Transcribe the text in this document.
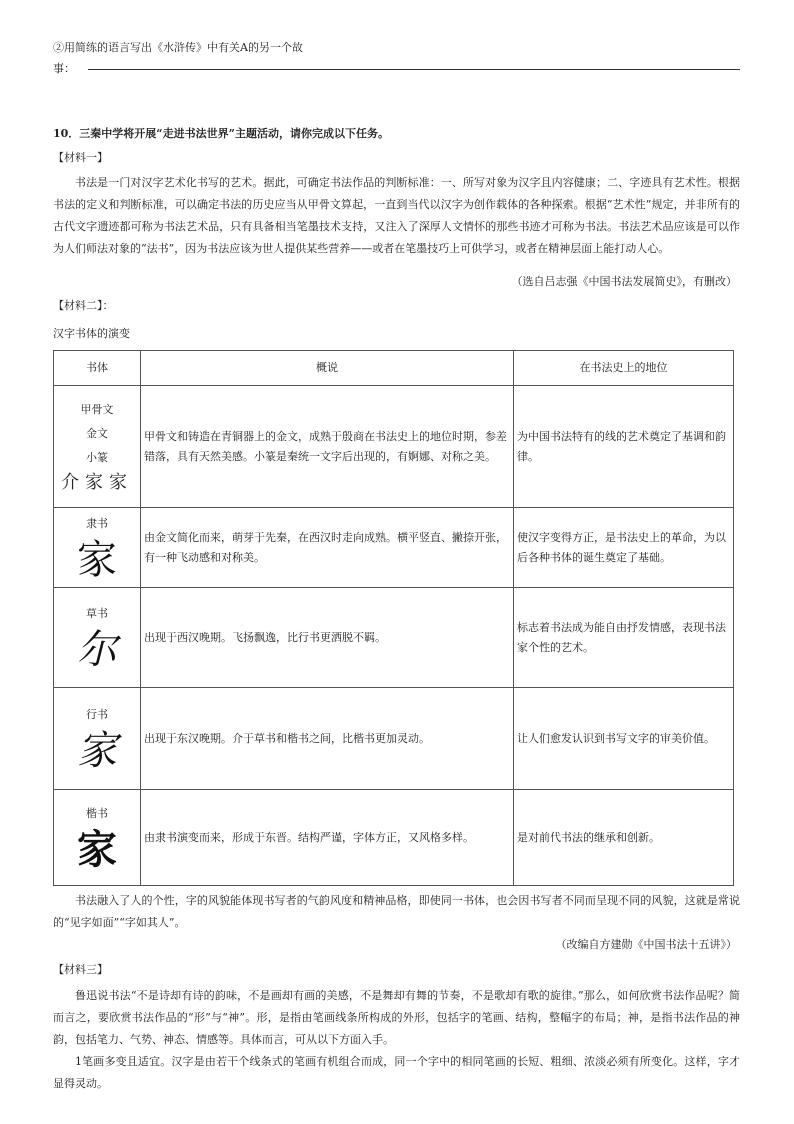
②用简练的语言写出《水浒传》中有关A的另一个故
事：
10．三秦中学将开展“走进书法世界”主题活动，请你完成以下任务。
【材料一】
书法是一门对汉字艺术化书写的艺术。据此，可确定书法作品的判断标准：一、所写对象为汉字且内容健康；二、字迹具有艺术性。根据书法的定义和判断标准，可以确定书法的历史应当从甲骨文算起，一直到当代以汉字为创作载体的各种探索。根据“艺术性”规定，并非所有的古代文字遗迹都可称为书法艺术品，只有具备相当笔墨技术支持，又注入了深厚人文情怀的那些书迹才可称为书法。书法艺术品应该是可以作为人们师法对象的“法书”，因为书法应该为世人提供某些营养——或者在笔墨技巧上可供学习，或者在精神层面上能打动人心。
（选自吕志强《中国书法发展简史》，有删改）
【材料二】：
汉字书体的演变
书体	概说	在书法史上的地位

甲骨文
金文
小篆
介家家	甲骨文和铸造在青铜器上的金文，成熟于殷商在书法史上的地位时期，参差错落，具有天然美感。小篆是秦统一文字后出现的，有婀娜、对称之美。	为中国书法特有的线的艺术奠定了基调和韵律。

隶书
家	由金文简化而来，萌芽于先秦，在西汉时走向成熟。横平竖直、撇捺开张，有一种飞动感和对称美。	使汉字变得方正，是书法史上的革命，为以后各种书体的诞生奠定了基础。

草书
尔	出现于西汉晚期。飞扬飘逸，比行书更洒脱不羁。	标志着书法成为能自由抒发情感，表现书法家个性的艺术。

行书
家	出现于东汉晚期。介于草书和楷书之间，比楷书更加灵动。	让人们愈发认识到书写文字的审美价值。

楷书
家	由隶书演变而来，形成于东晋。结构严谨，字体方正，又风格多样。	是对前代书法的继承和创新。
书法融入了人的个性，字的风貌能体现书写者的气韵风度和精神品格，即使同一书体，也会因书写者不同而呈现不同的风貌，这就是常说的“见字如面”“字如其人”。
（改编自方建勋《中国书法十五讲》）
【材料三】
鲁迅说书法“不是诗却有诗的韵味，不是画却有画的美感，不是舞却有舞的节奏，不是歌却有歌的旋律。”那么，如何欣赏书法作品呢？简而言之，要欣赏书法作品的“形”与“神”。形，是指由笔画线条所构成的外形，包括字的笔画、结构，整幅字的布局；神，是指书法作品的神韵，包括笔力、气势、神态、情感等。具体而言，可从以下方面入手。
1笔画多变且适宜。汉字是由若干个线条式的笔画有机组合而成，同一个字中的相同笔画的长短、粗细、浓淡必须有所变化。这样，字才显得灵动。
